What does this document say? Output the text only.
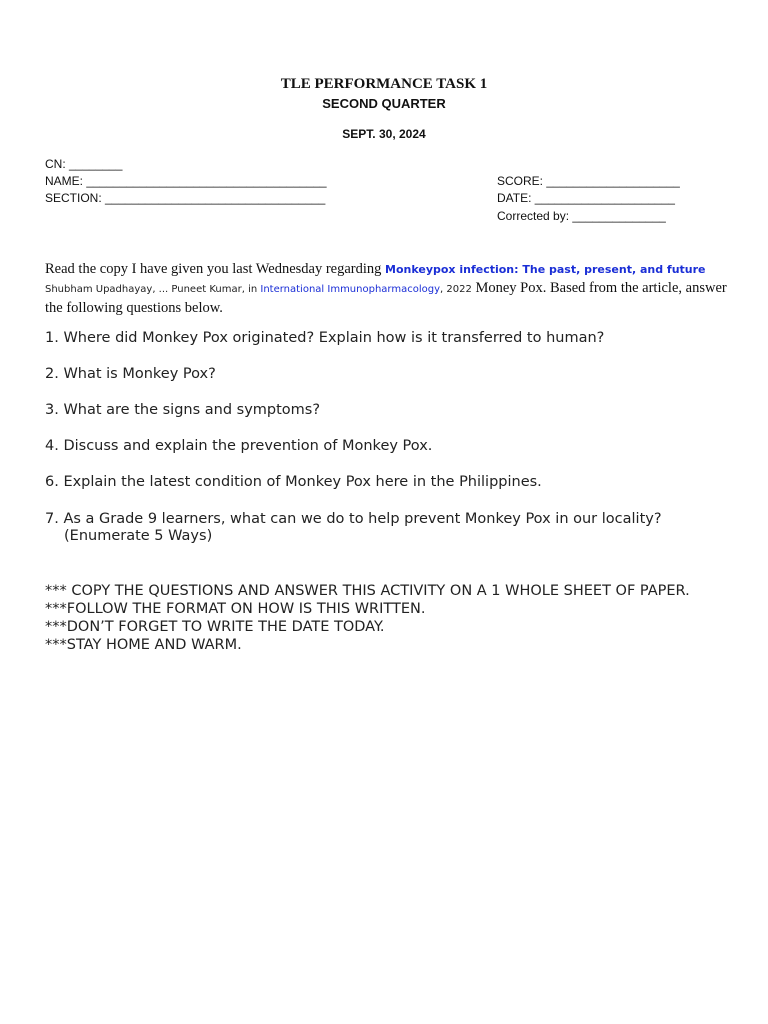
TLE PERFORMANCE TASK 1
SECOND QUARTER
SEPT. 30, 2024
CN: ________
NAME: ____________________________________
SECTION: _________________________________
SCORE: ____________________
DATE: _____________________
Corrected by: ______________
Read the copy I have given you last Wednesday regarding Monkeypox infection: The past, present, and future
Shubham Upadhayay, ... Puneet Kumar, in International Immunopharmacology, 2022 Money Pox. Based from the article, answer the following questions below.
1. Where did Monkey Pox originated? Explain how is it transferred to human?
2. What is Monkey Pox?
3. What are the signs and symptoms?
4. Discuss and explain the prevention of Monkey Pox.
6. Explain the latest condition of Monkey Pox here in the Philippines.
7. As a Grade 9 learners, what can we do to help prevent Monkey Pox in our locality?
(Enumerate 5 Ways)
*** COPY THE QUESTIONS AND ANSWER THIS ACTIVITY ON A 1 WHOLE SHEET OF PAPER.
***FOLLOW THE FORMAT ON HOW IS THIS WRITTEN.
***DON’T FORGET TO WRITE THE DATE TODAY.
***STAY HOME AND WARM.
